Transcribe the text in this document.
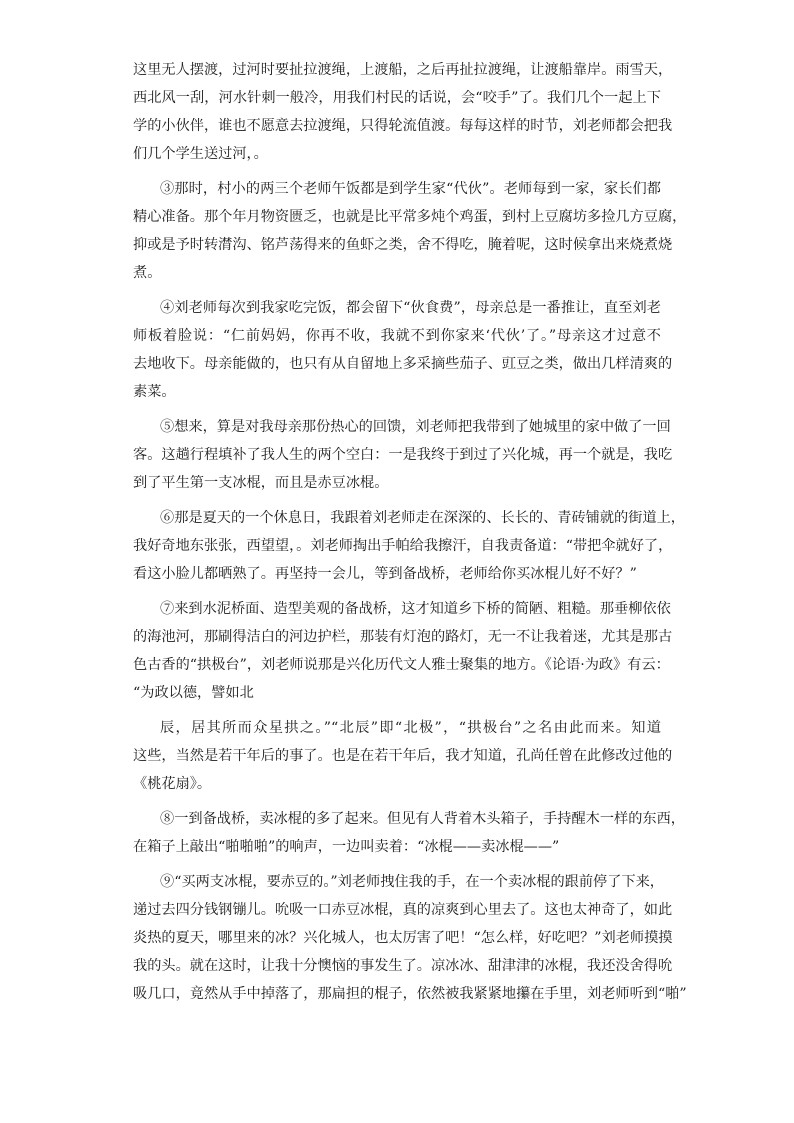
这里无人摆渡，过河时要扯拉渡绳，上渡船，之后再扯拉渡绳，让渡船靠岸。雨雪天，

西北风一刮，河水针刺一般冷，用我们村民的话说，会“咬手”了。我们几个一起上下

学的小伙伴，谁也不愿意去拉渡绳，只得轮流值渡。每每这样的时节，刘老师都会把我

们几个学生送过河，。

③那时，村小的两三个老师午饭都是到学生家“代伙”。老师每到一家，家长们都

精心准备。那个年月物资匮乏，也就是比平常多炖个鸡蛋，到村上豆腐坊多捡几方豆腐，

抑或是予时转潸沟、铭芦荡得来的鱼虾之类，舍不得吃，腌着呢，这时候拿出来烧煮烧

煮。

④刘老师每次到我家吃完饭，都会留下“伙食费”，母亲总是一番推让，直至刘老

师板着脸说：“仁前妈妈，你再不收，我就不到你家来‘代伙’了。”母亲这才过意不

去地收下。母亲能做的，也只有从自留地上多采摘些茄子、豇豆之类，做出几样清爽的

素菜。

⑤想来，算是对我母亲那份热心的回馈，刘老师把我带到了她城里的家中做了一回

客。这趟行程填补了我人生的两个空白：一是我终于到过了兴化城，再一个就是，我吃

到了平生第一支冰棍，而且是赤豆冰棍。

⑥那是夏天的一个休息日，我跟着刘老师走在深深的、长长的、青砖铺就的街道上，

我好奇地东张张，西望望，。刘老师掏出手帕给我擦汗，自我责备道：“带把伞就好了，

看这小脸儿都晒熟了。再坚持一会儿，等到备战桥，老师给你买冰棍儿好不好？”

⑦来到水泥桥面、造型美观的备战桥，这才知道乡下桥的简陋、粗糙。那垂柳依依

的海池河，那刷得洁白的河边护栏，那装有灯泡的路灯，无一不让我着迷，尤其是那古

色古香的“拱极台”，刘老师说那是兴化历代文人雅士聚集的地方。《论语·为政》有云：

“为政以德，譬如北

辰，居其所而众星拱之。”“北辰”即“北极”，“拱极台”之名由此而来。知道

这些，当然是若干年后的事了。也是在若干年后，我才知道，孔尚任曾在此修改过他的

《桃花扇》。

⑧一到备战桥，卖冰棍的多了起来。但见有人背着木头箱子，手持醒木一样的东西，

在箱子上敲出“啪啪啪”的响声，一边叫卖着：“冰棍——卖冰棍——”

⑨“买两支冰棍，要赤豆的。”刘老师拽住我的手，在一个卖冰棍的跟前停了下来，

递过去四分钱钢镚儿。吮吸一口赤豆冰棍，真的凉爽到心里去了。这也太神奇了，如此

炎热的夏天，哪里来的冰？兴化城人，也太厉害了吧！“怎么样，好吃吧？”刘老师摸摸

我的头。就在这时，让我十分懊恼的事发生了。凉冰冰、甜津津的冰棍，我还没舍得吮

吸几口，竟然从手中掉落了，那扁担的棍子，依然被我紧紧地攥在手里，刘老师听到“啪”
